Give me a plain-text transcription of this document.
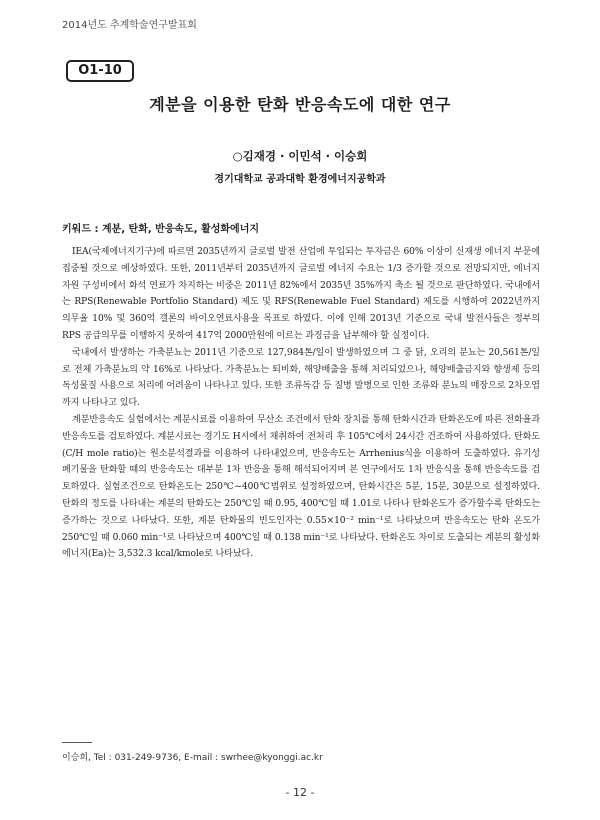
2014년도 추계학술연구발표회
O1-10
계분을 이용한 탄화 반응속도에 대한 연구
○김재경 · 이민석 · 이승희
경기대학교 공과대학 환경에너지공학과
키워드 : 계분, 탄화, 반응속도, 활성화에너지

IEA(국제에너지기구)에 따르면 2035년까지 글로벌 발전 산업에 투입되는 투자금은 60% 이상이 신재생 에너지 부문에 집중될 것으로 예상하였다. 또한, 2011년부터 2035년까지 글로벌 에너지 수요는 1/3 증가할 것으로 전망되지만, 에너지 자원 구성비에서 화석 연료가 차지하는 비중은 2011년 82%에서 2035년 35%까지 축소 될 것으로 판단하였다. 국내에서는 RPS(Renewable Portfolio Standard) 제도 및 RFS(Renewable Fuel Standard) 제도를 시행하여 2022년까지 의무율 10% 및 360억 갤론의 바이오연료사용을 목표로 하였다. 이에 인해 2013년 기준으로 국내 발전사들은 정부의 RPS 공급의무를 이행하지 못하여 417억 2000만원에 이르는 과징금을 납부해야 할 실정이다.

국내에서 발생하는 가축분뇨는 2011년 기준으로 127,984톤/일이 발생하였으며 그 중 닭, 오리의 분뇨는 20,561톤/일로 전체 가축분뇨의 약 16%로 나타났다. 가축분뇨는 퇴비화, 해양배출을 통해 처리되었으나, 해양배출금지와 향생제 등의 독성물질 사용으로 처리에 어려움이 나타나고 있다. 또한 조류독감 등 질병 발병으로 인한 조류와 분뇨의 매장으로 2차오염까지 나타나고 있다.

계분반응속도 실험에서는 계분시료를 이용하여 무산소 조건에서 탄화 장치를 통해 탄화시간과 탄화온도에 따른 전화율과 반응속도를 검토하였다. 계분시료는 경기도 H시에서 채취하여 전처리 후 105℃에서 24시간 건조하여 사용하였다. 탄화도(C/H mole ratio)는 원소분석결과를 이용하여 나타내었으며, 반응속도는 Arrhenius식을 이용하여 도출하였다. 유기성 폐기물을 탄화할 때의 반응속도는 대부분 1차 반응을 통해 해석되어지며 본 연구에서도 1차 반응식을 통해 반응속도를 검토하였다. 실험조건으로 탄화온도는 250℃~400℃범위로 설정하였으며, 탄화시간은 5분, 15분, 30분으로 설정하였다. 탄화의 정도를 나타내는 계분의 탄화도는 250℃일 때 0.95, 400℃일 때 1.01로 나타나 탄화온도가 증가할수록 탄화도는 증가하는 것으로 나타났다. 또한, 계분 탄화물의 빈도인자는 0.55×10⁻² min⁻¹로 나타났으며 반응속도는 탄화 온도가 250℃일 때 0.060 min⁻¹로 나타났으며 400℃일 때 0.138 min⁻¹로 나타났다. 탄화온도 차이로 도출되는 계분의 활성화 에너지(Ea)는 3,532.3 kcal/kmole로 나타났다.

이승희, Tel : 031-249-9736, E-mail : swrhee@kyonggi.ac.kr
- 12 -
